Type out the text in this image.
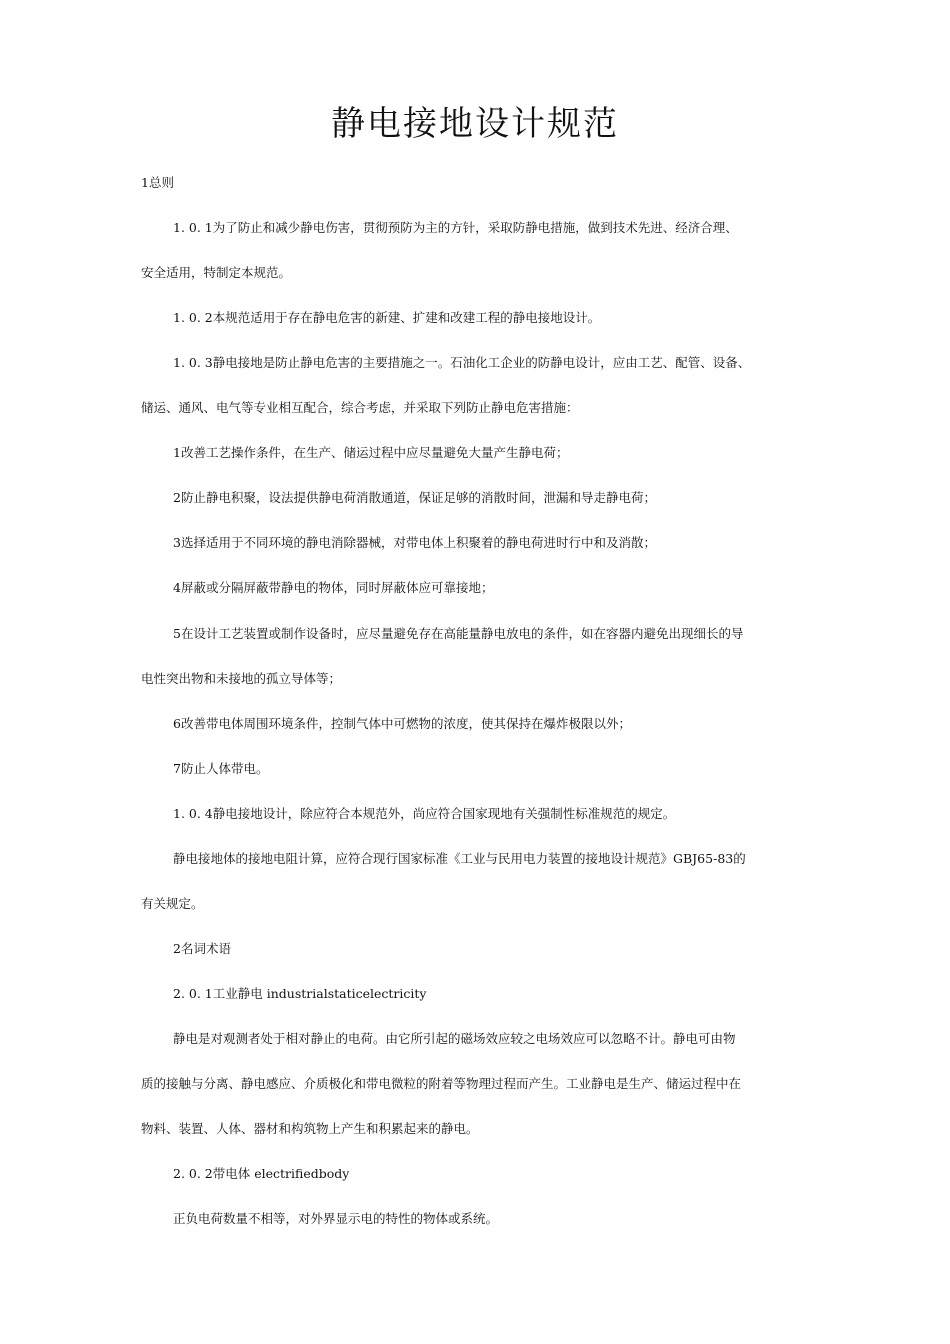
静电接地设计规范
1总则
1. 0. 1为了防止和减少静电伤害，贯彻预防为主的方针，采取防静电措施，做到技术先进、经济合理、
安全适用，特制定本规范。
1. 0. 2本规范适用于存在静电危害的新建、扩建和改建工程的静电接地设计。
1. 0. 3静电接地是防止静电危害的主要措施之一。石油化工企业的防静电设计，应由工艺、配管、设备、
储运、通风、电气等专业相互配合，综合考虑，并采取下列防止静电危害措施：
1改善工艺操作条件，在生产、储运过程中应尽量避免大量产生静电荷；
2防止静电积聚，设法提供静电荷消散通道，保证足够的消散时间，泄漏和导走静电荷；
3选择适用于不同环境的静电消除器械，对带电体上积聚着的静电荷进时行中和及消散；
4屏蔽或分隔屏蔽带静电的物体，同时屏蔽体应可靠接地；
5在设计工艺装置或制作设备时，应尽量避免存在高能量静电放电的条件，如在容器内避免出现细长的导
电性突出物和未接地的孤立导体等；
6改善带电体周围环境条件，控制气体中可燃物的浓度，使其保持在爆炸极限以外；
7防止人体带电。
1. 0. 4静电接地设计，除应符合本规范外，尚应符合国家现地有关强制性标准规范的规定。
静电接地体的接地电阻计算，应符合现行国家标准《工业与民用电力装置的接地设计规范》GBJ65-83的
有关规定。
2名词术语
2. 0. 1工业静电 industrialstaticelectricity
静电是对观测者处于相对静止的电荷。由它所引起的磁场效应较之电场效应可以忽略不计。静电可由物
质的接触与分离、静电感应、介质极化和带电微粒的附着等物理过程而产生。工业静电是生产、储运过程中在
物料、装置、人体、器材和构筑物上产生和积累起来的静电。
2. 0. 2带电体 electrifiedbody
正负电荷数量不相等，对外界显示电的特性的物体或系统。
